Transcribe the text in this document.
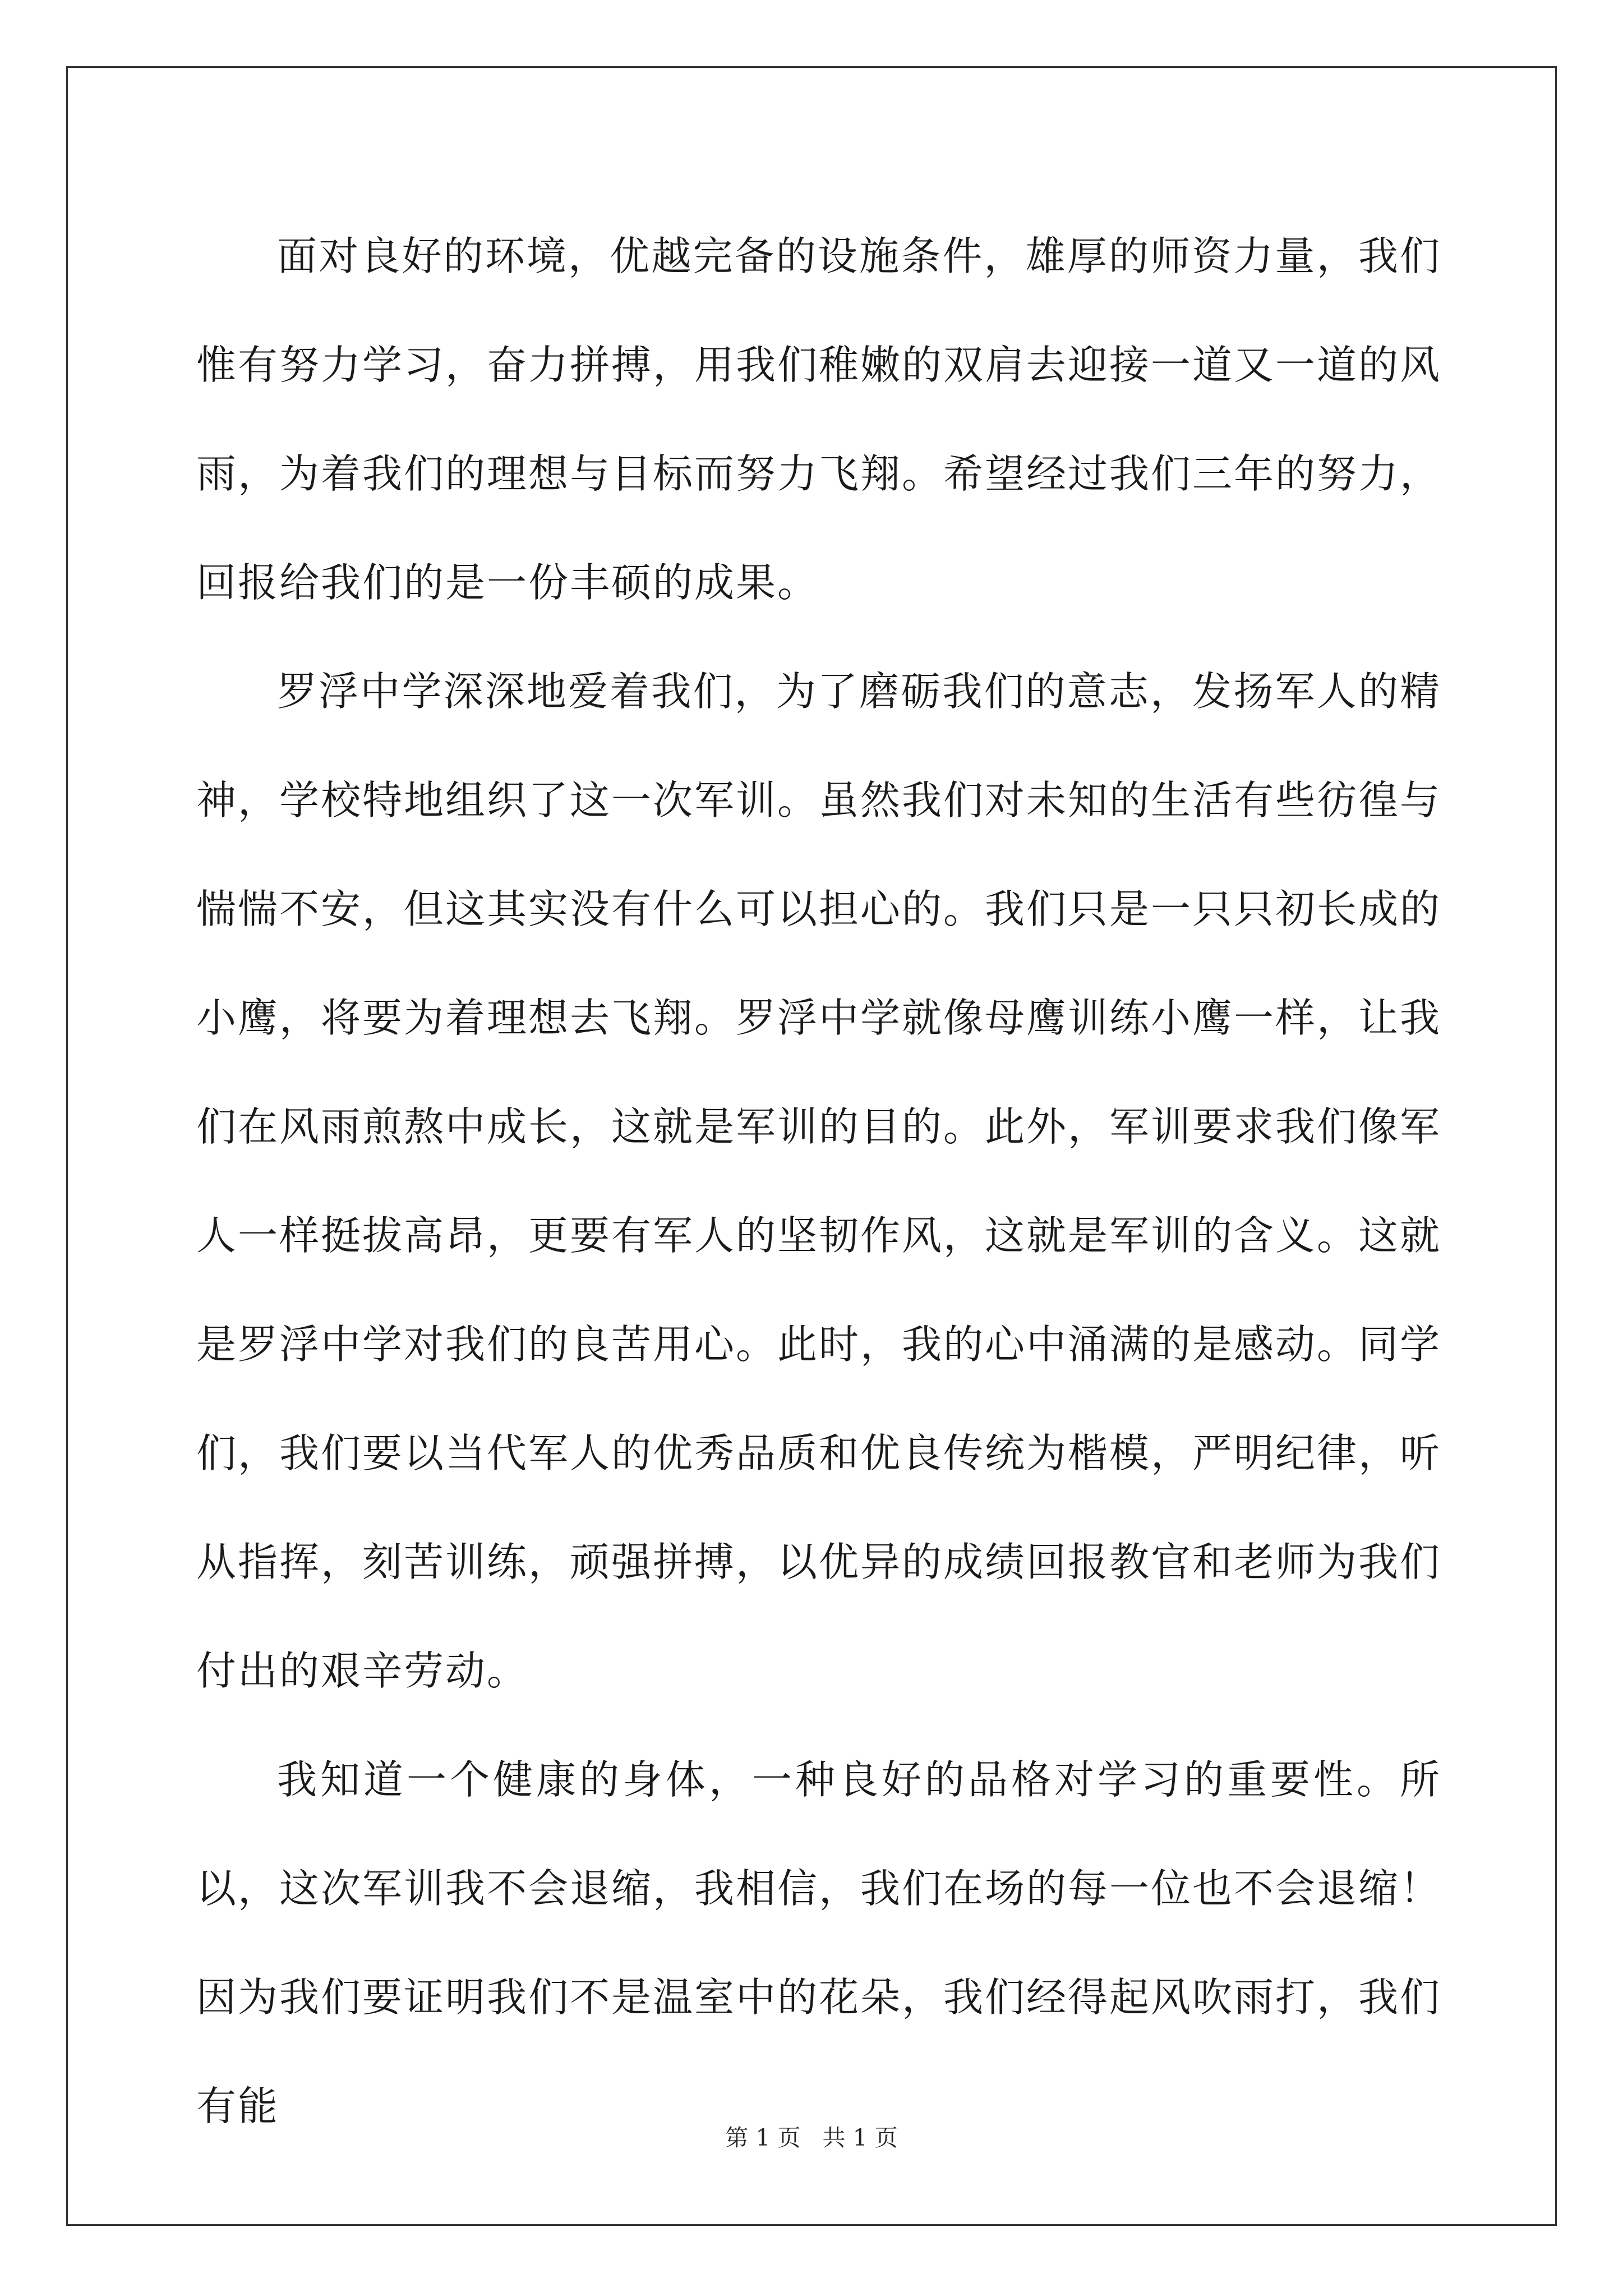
面对良好的环境，优越完备的设施条件，雄厚的师资力量，我们惟有努力学习，奋力拼搏，用我们稚嫩的双肩去迎接一道又一道的风雨，为着我们的理想与目标而努力飞翔。希望经过我们三年的努力，回报给我们的是一份丰硕的成果。

罗浮中学深深地爱着我们，为了磨砺我们的意志，发扬军人的精神，学校特地组织了这一次军训。虽然我们对未知的生活有些彷徨与惴惴不安，但这其实没有什么可以担心的。我们只是一只只初长成的小鹰，将要为着理想去飞翔。罗浮中学就像母鹰训练小鹰一样，让我们在风雨煎熬中成长，这就是军训的目的。此外，军训要求我们像军人一样挺拔高昂，更要有军人的坚韧作风，这就是军训的含义。这就是罗浮中学对我们的良苦用心。此时，我的心中涌满的是感动。同学们，我们要以当代军人的优秀品质和优良传统为楷模，严明纪律，听从指挥，刻苦训练，顽强拼搏，以优异的成绩回报教官和老师为我们付出的艰辛劳动。

我知道一个健康的身体，一种良好的品格对学习的重要性。所以，这次军训我不会退缩，我相信，我们在场的每一位也不会退缩！因为我们要证明我们不是温室中的花朵，我们经得起风吹雨打，我们有能

第 1 页   共 1 页
